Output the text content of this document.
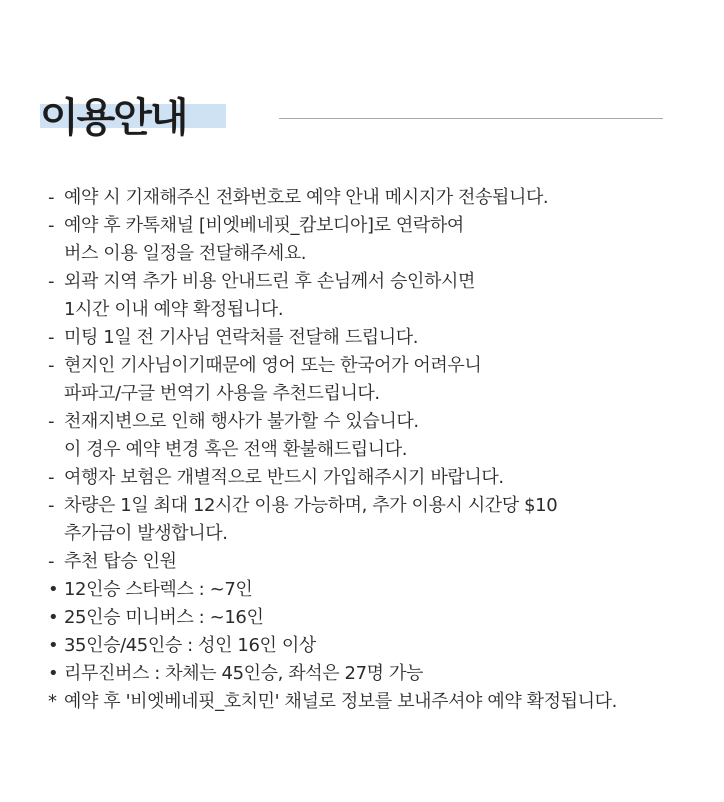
이용안내
- 예약 시 기재해주신 전화번호로 예약 안내 메시지가 전송됩니다.
- 예약 후 카톡채널 [비엣베네핏_캄보디아]로 연락하여
버스 이용 일정을 전달해주세요.
- 외곽 지역 추가 비용 안내드린 후 손님께서 승인하시면
1시간 이내 예약 확정됩니다.
- 미팅 1일 전 기사님 연락처를 전달해 드립니다.
- 현지인 기사님이기때문에 영어 또는 한국어가 어려우니
파파고/구글 번역기 사용을 추천드립니다.
- 천재지변으로 인해 행사가 불가할 수 있습니다.
이 경우 예약 변경 혹은 전액 환불해드립니다.
- 여행자 보험은 개별적으로 반드시 가입해주시기 바랍니다.
- 차량은 1일 최대 12시간 이용 가능하며, 추가 이용시 시간당 $10
추가금이 발생합니다.
- 추천 탑승 인원
• 12인승 스타렉스 : ~7인
• 25인승 미니버스 : ~16인
• 35인승/45인승 : 성인 16인 이상
• 리무진버스 : 차체는 45인승, 좌석은 27명 가능
* 예약 후 '비엣베네핏_호치민' 채널로 정보를 보내주셔야 예약 확정됩니다.
